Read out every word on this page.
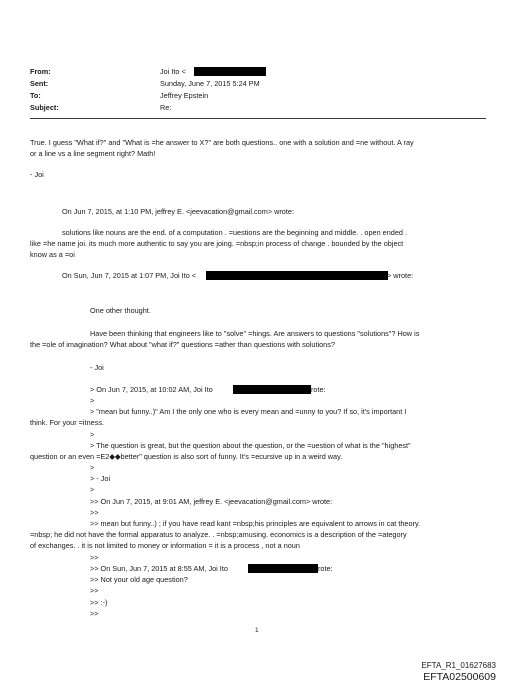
From:	Joi Ito <
Sent:	Sunday, June 7, 2015 5:24 PM
To:	Jeffrey Epstein
Subject:	Re:
True. I guess "What if?" and "What is =he answer to X?" are both questions.. one with a solution and =ne without. A ray
or a line vs a line segment right? Math!
- Joi
On Jun 7, 2015, at 1:10 PM, jeffrey E. <jeevacation@gmail.com> wrote:
solutions like nouns are the end. of a computation . =uestions are the beginning and middle. . open ended .
like =he name joi. its much more authentic to say you are joing. =nbsp;in process of change . bounded by the object
know as a =oi
On Sun, Jun 7, 2015 at 1:07 PM, Joi Ito <	> wrote:
One other thought.
Have been thinking that engineers like to "solve" =hings. Are answers to questions "solutions"? How is
the =ole of imagination? What about "what if?" questions =ather than questions with solutions?
- Joi
> On Jun 7, 2015, at 10:02 AM, Joi Ito	rote:
>
> "mean but funny..)" Am I the only one who is every mean and =unny to you? If so, it's important I
think. For your =itness.
>
> The question is great, but the question about the question, or the =uestion of what is the "highest"
question or an even =E2◆◆better" question is also sort of funny. It's =ecursive up in a weird way.
>
> - Joi
>
>> On Jun 7, 2015, at 9:01 AM, jeffrey E. <jeevacation@gmail.com> wrote:
>>
>> mean but funny..) ; if you have read kant =nbsp;his principles are equivalent to arrows in cat theory.
=nbsp; he did not have the formal apparatus to analyze. . =nbsp;amusing. economics is a description of the =ategory
of exchanges. . it is not limited to money or information = it is a process , not a noun
>>
>> On Sun, Jun 7, 2015 at 8:55 AM, Joi Ito	rote:
>> Not your old age question?
>>
>> :-)
>>
1
EFTA_R1_01627683
EFTA02500609
